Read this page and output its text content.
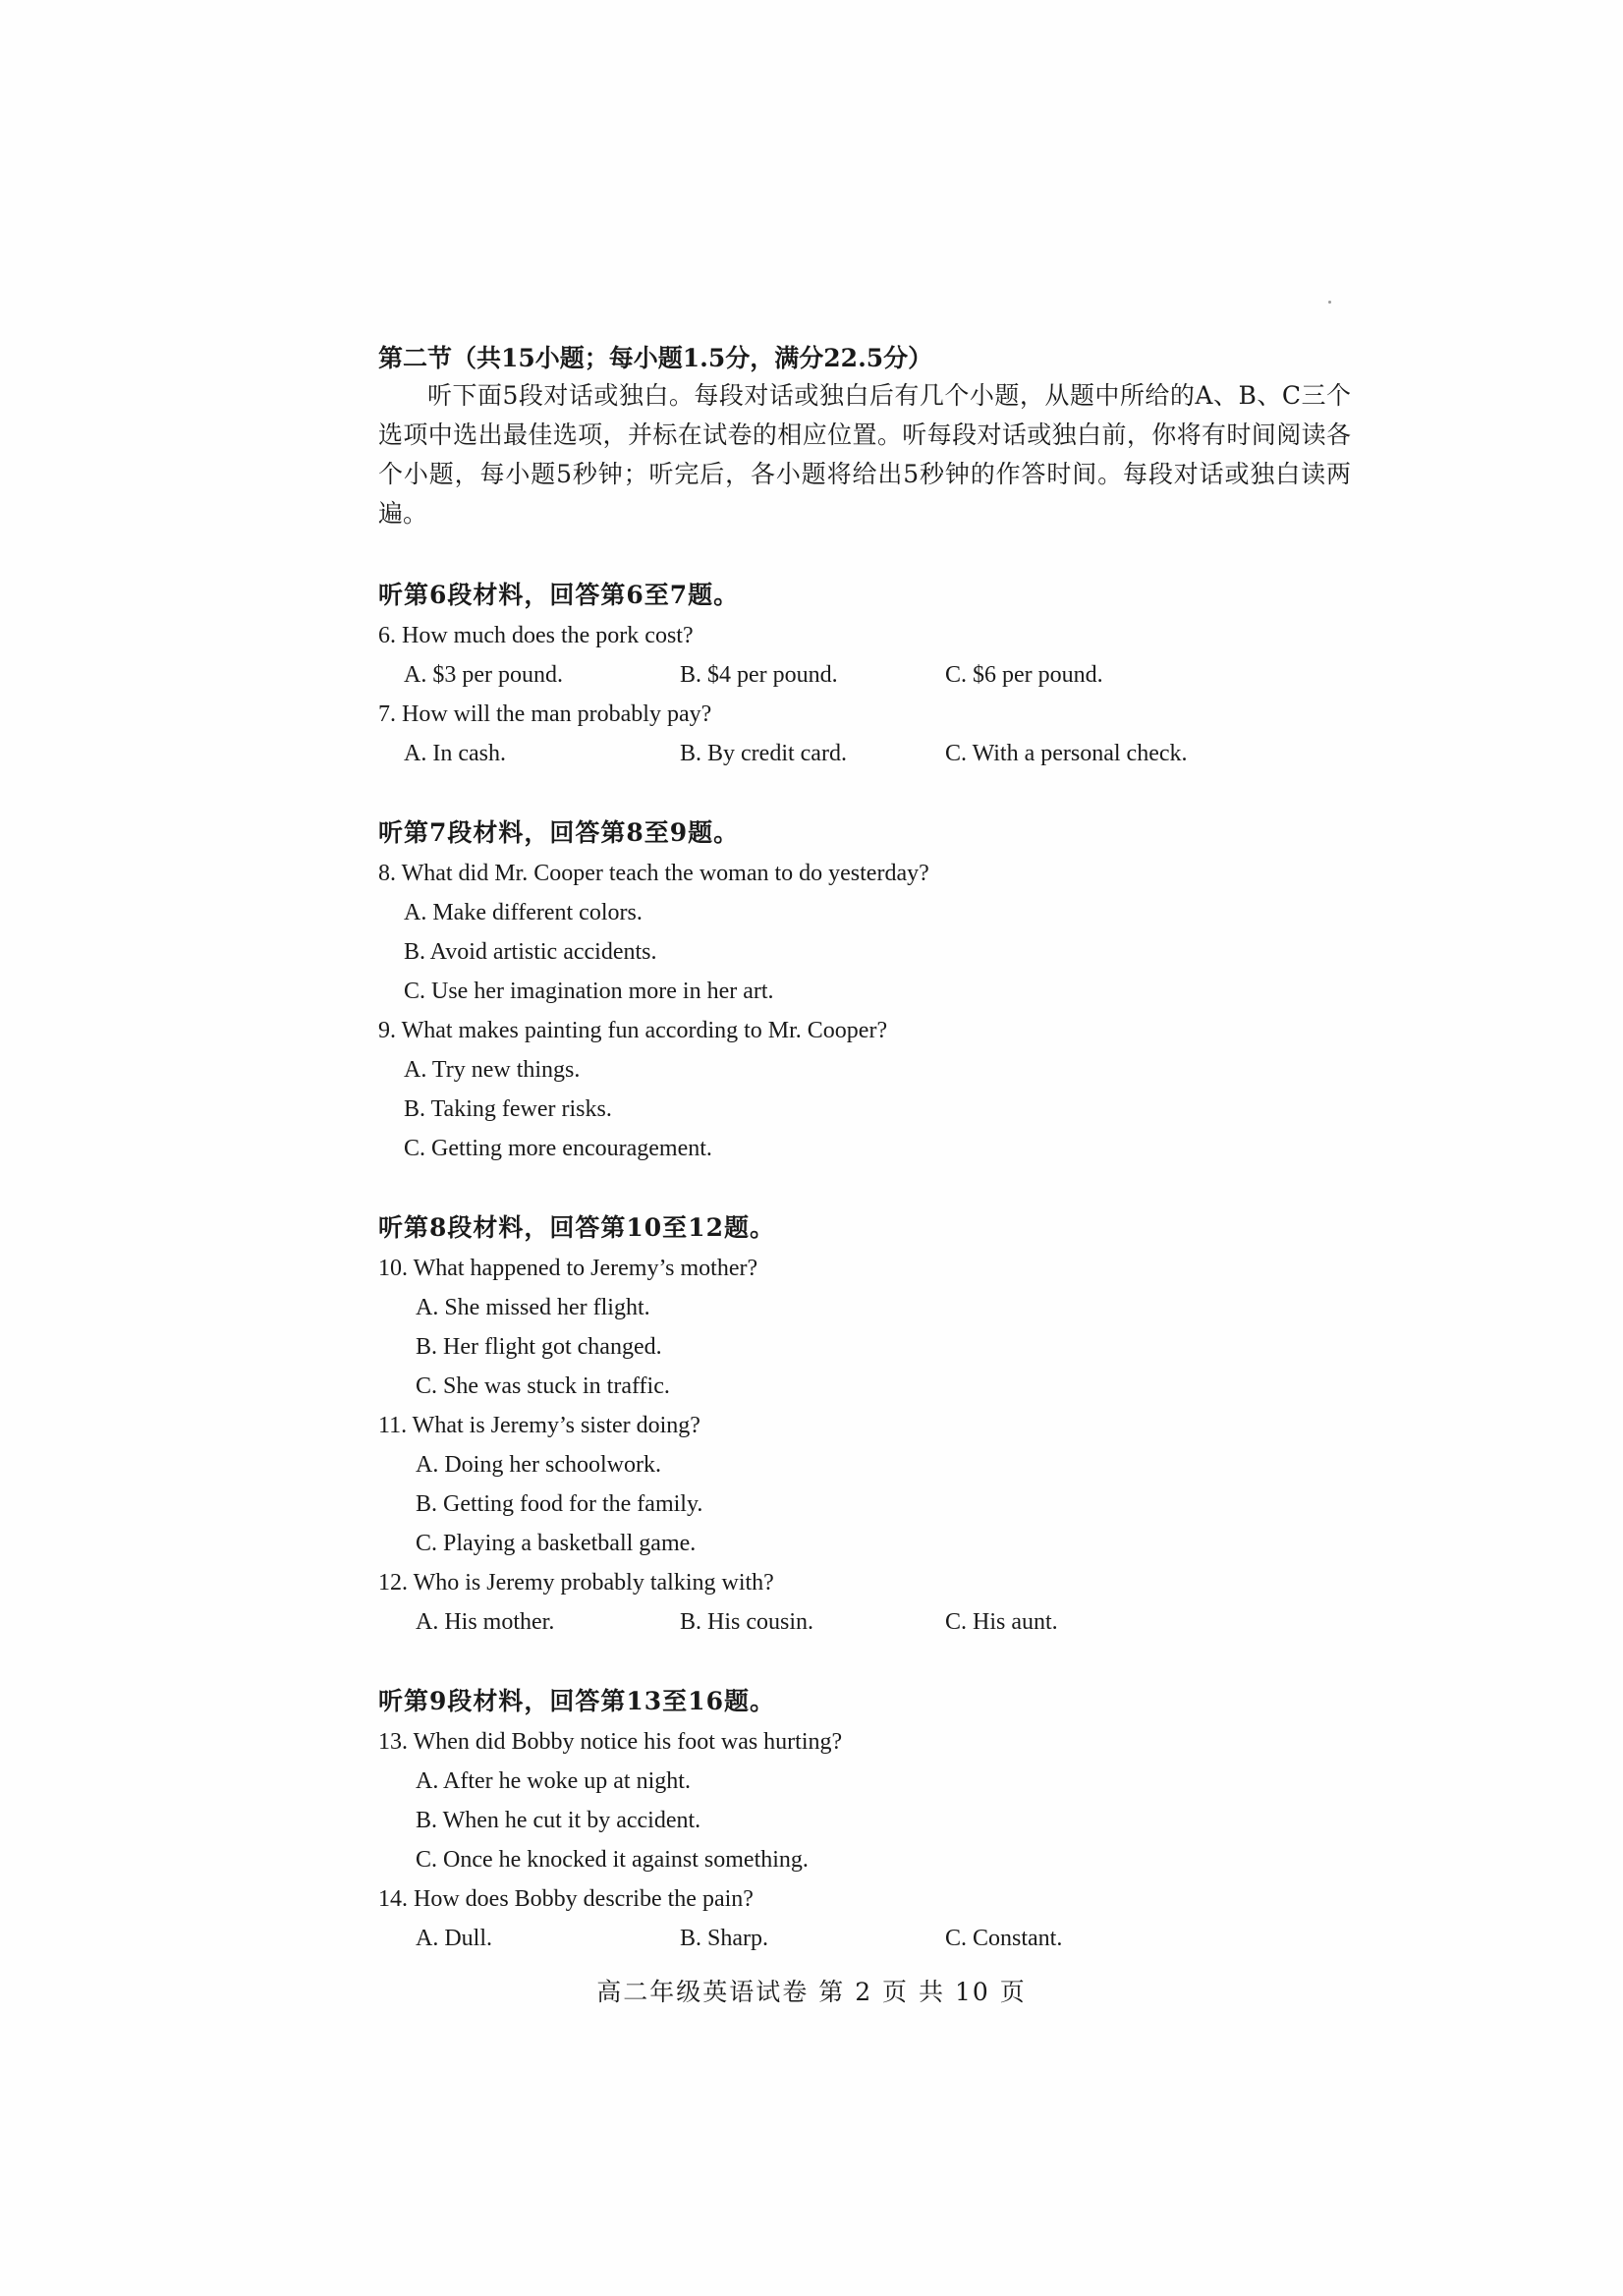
第二节（共15小题；每小题1.5分，满分22.5分）
听下面5段对话或独白。每段对话或独白后有几个小题，从题中所给的A、B、C三个选项中选出最佳选项，并标在试卷的相应位置。听每段对话或独白前，你将有时间阅读各个小题，每小题5秒钟；听完后，各小题将给出5秒钟的作答时间。每段对话或独白读两遍。
听第6段材料，回答第6至7题。
6. How much does the pork cost?
A. $3 per pound.	B. $4 per pound.	C. $6 per pound.
7. How will the man probably pay?
A. In cash.	B. By credit card.	C. With a personal check.
听第7段材料，回答第8至9题。
8. What did Mr. Cooper teach the woman to do yesterday?
A. Make different colors.
B. Avoid artistic accidents.
C. Use her imagination more in her art.
9. What makes painting fun according to Mr. Cooper?
A. Try new things.
B. Taking fewer risks.
C. Getting more encouragement.
听第8段材料，回答第10至12题。
10. What happened to Jeremy’s mother?
A. She missed her flight.
B. Her flight got changed.
C. She was stuck in traffic.
11. What is Jeremy’s sister doing?
A. Doing her schoolwork.
B. Getting food for the family.
C. Playing a basketball game.
12. Who is Jeremy probably talking with?
A. His mother.	B. His cousin.	C. His aunt.
听第9段材料，回答第13至16题。
13. When did Bobby notice his foot was hurting?
A. After he woke up at night.
B. When he cut it by accident.
C. Once he knocked it against something.
14. How does Bobby describe the pain?
A. Dull.	B. Sharp.	C. Constant.
高二年级英语试卷 第 2 页 共 10 页
